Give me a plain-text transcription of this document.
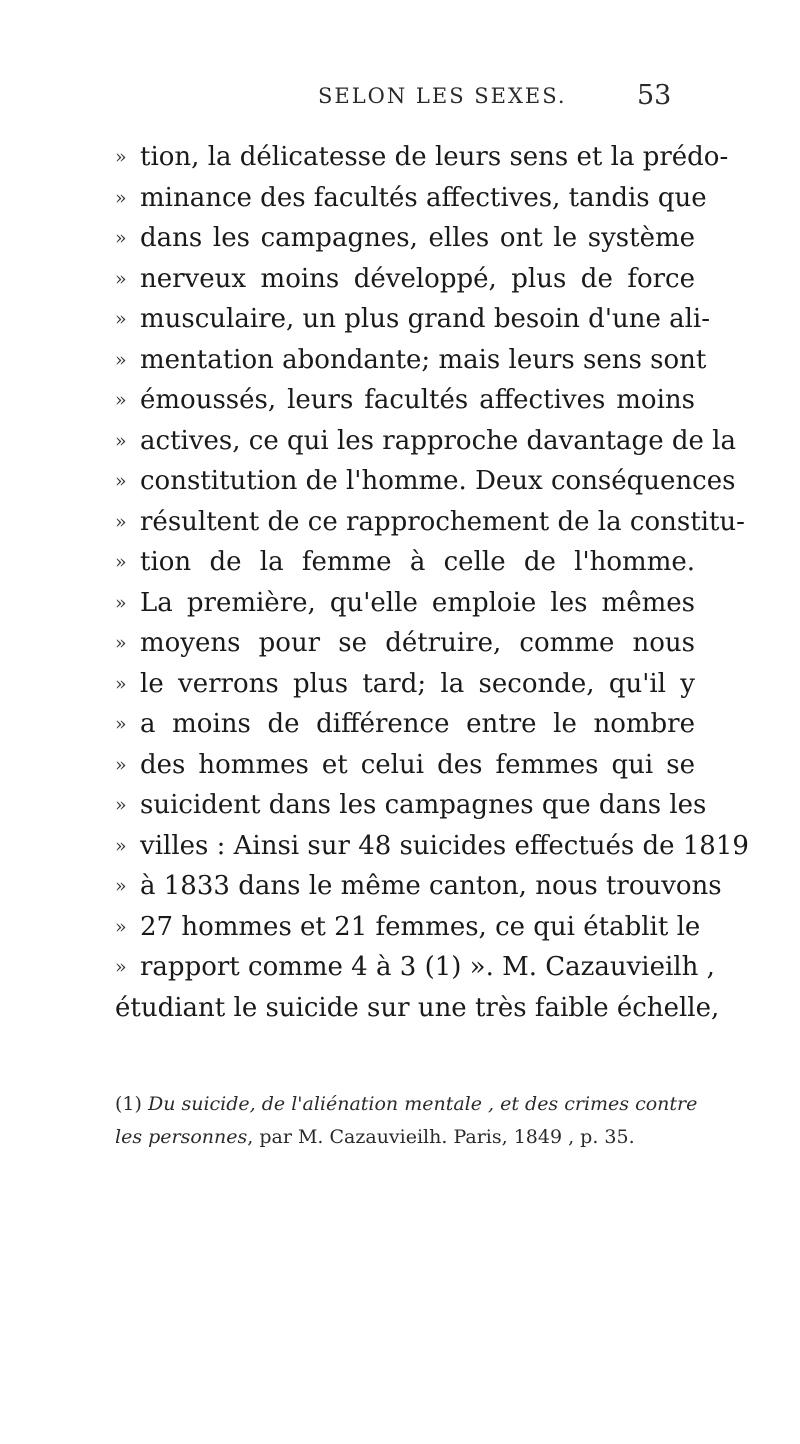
SELON LES SEXES.	53
» tion, la délicatesse de leurs sens et la prédo-
» minance des facultés affectives, tandis que
» dans les campagnes, elles ont le système
» nerveux moins développé, plus de force
» musculaire, un plus grand besoin d'une ali-
» mentation abondante; mais leurs sens sont
» émoussés, leurs facultés affectives moins
» actives, ce qui les rapproche davantage de la
» constitution de l'homme. Deux conséquences
» résultent de ce rapprochement de la constitu-
» tion de la femme à celle de l'homme.
» La première, qu'elle emploie les mêmes
» moyens pour se détruire, comme nous
» le verrons plus tard; la seconde, qu'il y
» a moins de différence entre le nombre
» des hommes et celui des femmes qui se
» suicident dans les campagnes que dans les
» villes : Ainsi sur 48 suicides effectués de 1819
» à 1833 dans le même canton, nous trouvons
» 27 hommes et 21 femmes, ce qui établit le
» rapport comme 4 à 3 (1) ». M. Cazauvieilh ,
étudiant le suicide sur une très faible échelle,
(1) Du suicide, de l'aliénation mentale , et des crimes contre
les personnes, par M. Cazauvieilh. Paris, 1849 , p. 35.
